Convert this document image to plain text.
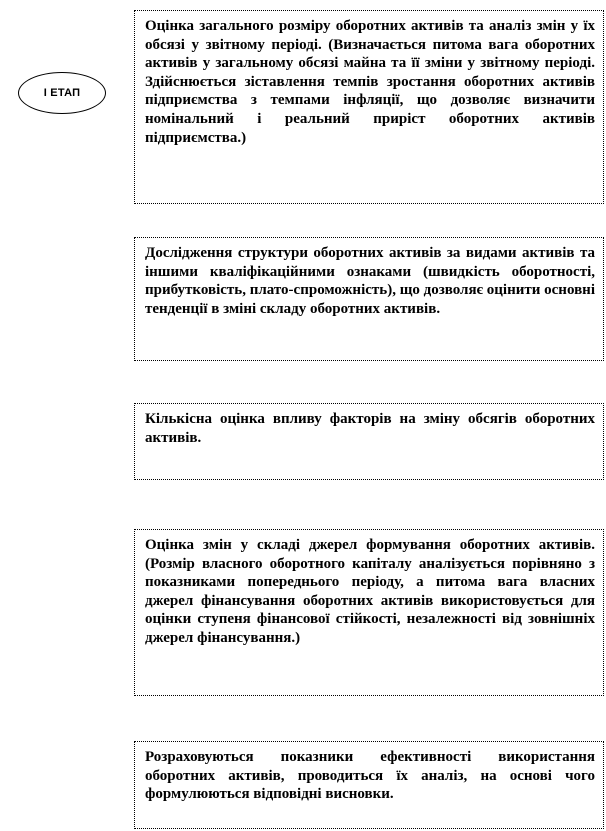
І ЕТАП

Оцінка загального розміру оборотних активів та аналіз змін у їх обсязі у звітному періоді. (Визначається питома вага оборотних активів у загальному обсязі майна та її зміни у звітному періоді. Здійснюється зіставлення темпів зростання оборотних активів підприємства з темпами інфляції, що дозволяє визначити номінальний і реальний приріст оборотних активів підприємства.)

Дослідження структури оборотних активів за видами активів та іншими кваліфікаційними ознаками (швидкість оборотності, прибутковість, плато-спроможність), що дозволяє оцінити основні тенденції в зміні складу оборотних активів.

Кількісна оцінка впливу факторів на зміну обсягів оборотних активів.

Оцінка змін у складі джерел формування оборотних активів. (Розмір власного оборотного капіталу аналізується порівняно з показниками попереднього періоду, а питома вага власних джерел фінансування оборотних активів використовується для оцінки ступеня фінансової стійкості, незалежності від зовнішніх джерел фінансування.)

Розраховуються показники ефективності використання оборотних активів, проводиться їх аналіз, на основі чого формулюються відповідні висновки.
